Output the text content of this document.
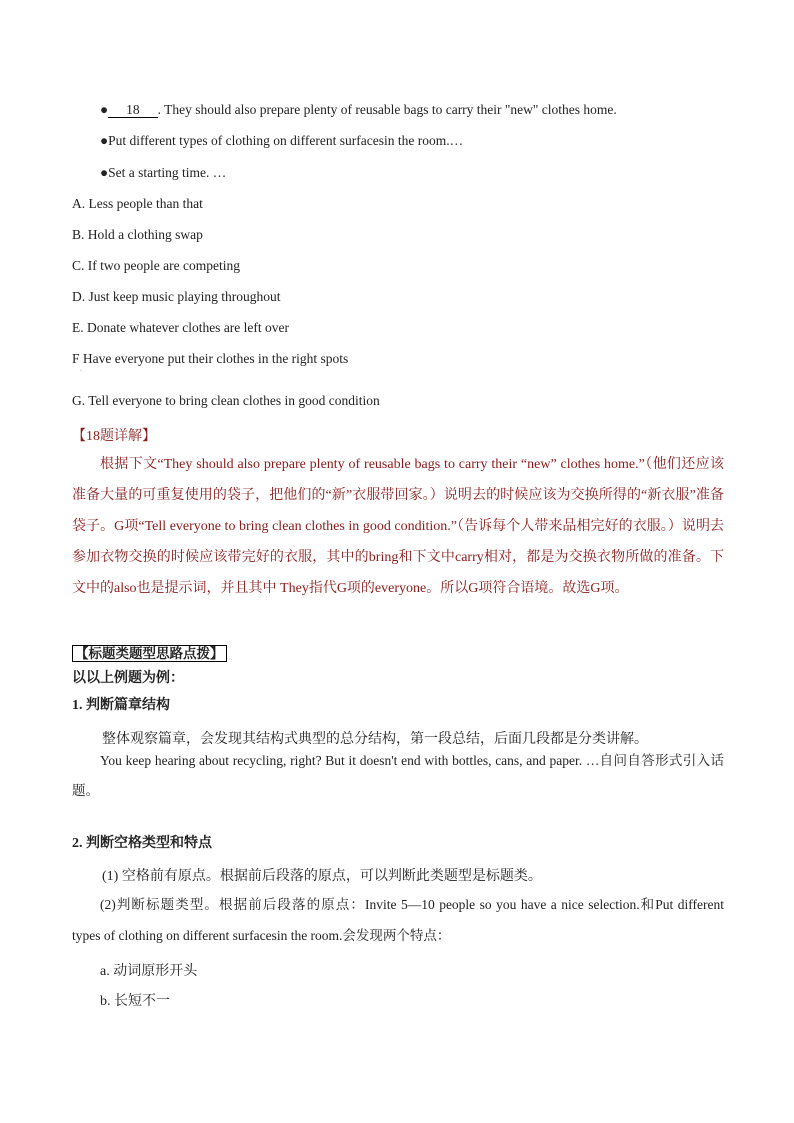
● 18 . They should also prepare plenty of reusable bags to carry their "new" clothes home.
●Put different types of clothing on different surfacesin the room.…
●Set a starting time. …
A. Less people than that
B. Hold a clothing swap
C. If two people are competing
D. Just keep music playing throughout
E. Donate whatever clothes are left over
F Have everyone put their clothes in the right spots
·
G. Tell everyone to bring clean clothes in good condition
【18题详解】
根据下文“They should also prepare plenty of reusable bags to carry their “new” clothes home.”（他们还应该准备大量的可重复使用的袋子，把他们的“新”衣服带回家。）说明去的时候应该为交换所得的“新衣服”准备袋子。G项“Tell everyone to bring clean clothes in good condition.”（告诉每个人带来品相完好的衣服。）说明去参加衣物交换的时候应该带完好的衣服，其中的bring和下文中carry相对，都是为交换衣物所做的准备。下文中的also也是提示词，并且其中 They指代G项的everyone。所以G项符合语境。故选G项。
【标题类题型思路点拨】
以以上例题为例：
1. 判断篇章结构
整体观察篇章，会发现其结构式典型的总分结构，第一段总结，后面几段都是分类讲解。
You keep hearing about recycling, right? But it doesn't end with bottles, cans, and paper. …自问自答形式引入话题。
2. 判断空格类型和特点
(1) 空格前有原点。根据前后段落的原点，可以判断此类题型是标题类。
(2)判断标题类型。根据前后段落的原点：Invite 5—10 people so you have a nice selection.和Put different types of clothing on different surfacesin the room.会发现两个特点：
a. 动词原形开头
b. 长短不一
